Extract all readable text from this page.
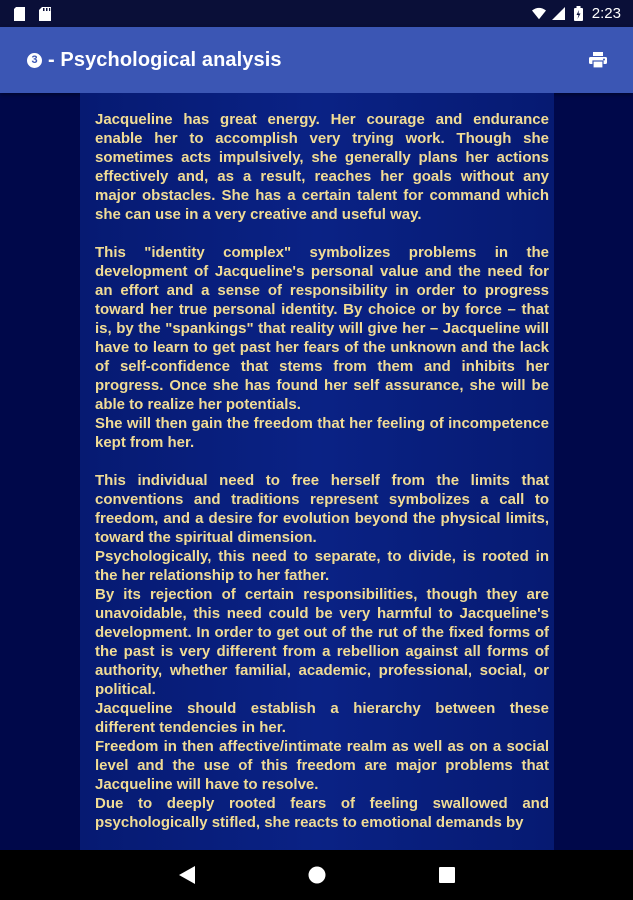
2:23
3 - Psychological analysis
Jacqueline has great energy. Her courage and endurance enable her to accomplish very trying work. Though she sometimes acts impulsively, she generally plans her actions effectively and, as a result, reaches her goals without any major obstacles. She has a certain talent for command which she can use in a very creative and useful way.
This "identity complex" symbolizes problems in the development of Jacqueline's personal value and the need for an effort and a sense of responsibility in order to progress toward her true personal identity. By choice or by force – that is, by the "spankings" that reality will give her – Jacqueline will have to learn to get past her fears of the unknown and the lack of self-confidence that stems from them and inhibits her progress. Once she has found her self assurance, she will be able to realize her potentials.
She will then gain the freedom that her feeling of incompetence kept from her.
This individual need to free herself from the limits that conventions and traditions represent symbolizes a call to freedom, and a desire for evolution beyond the physical limits, toward the spiritual dimension.
Psychologically, this need to separate, to divide, is rooted in the her relationship to her father.
By its rejection of certain responsibilities, though they are unavoidable, this need could be very harmful to Jacqueline's development. In order to get out of the rut of the fixed forms of the past is very different from a rebellion against all forms of authority, whether familial, academic, professional, social, or political.
Jacqueline should establish a hierarchy between these different tendencies in her.
Freedom in then affective/intimate realm as well as on a social level and the use of this freedom are major problems that Jacqueline will have to resolve.
Due to deeply rooted fears of feeling swallowed and psychologically stifled, she reacts to emotional demands by
